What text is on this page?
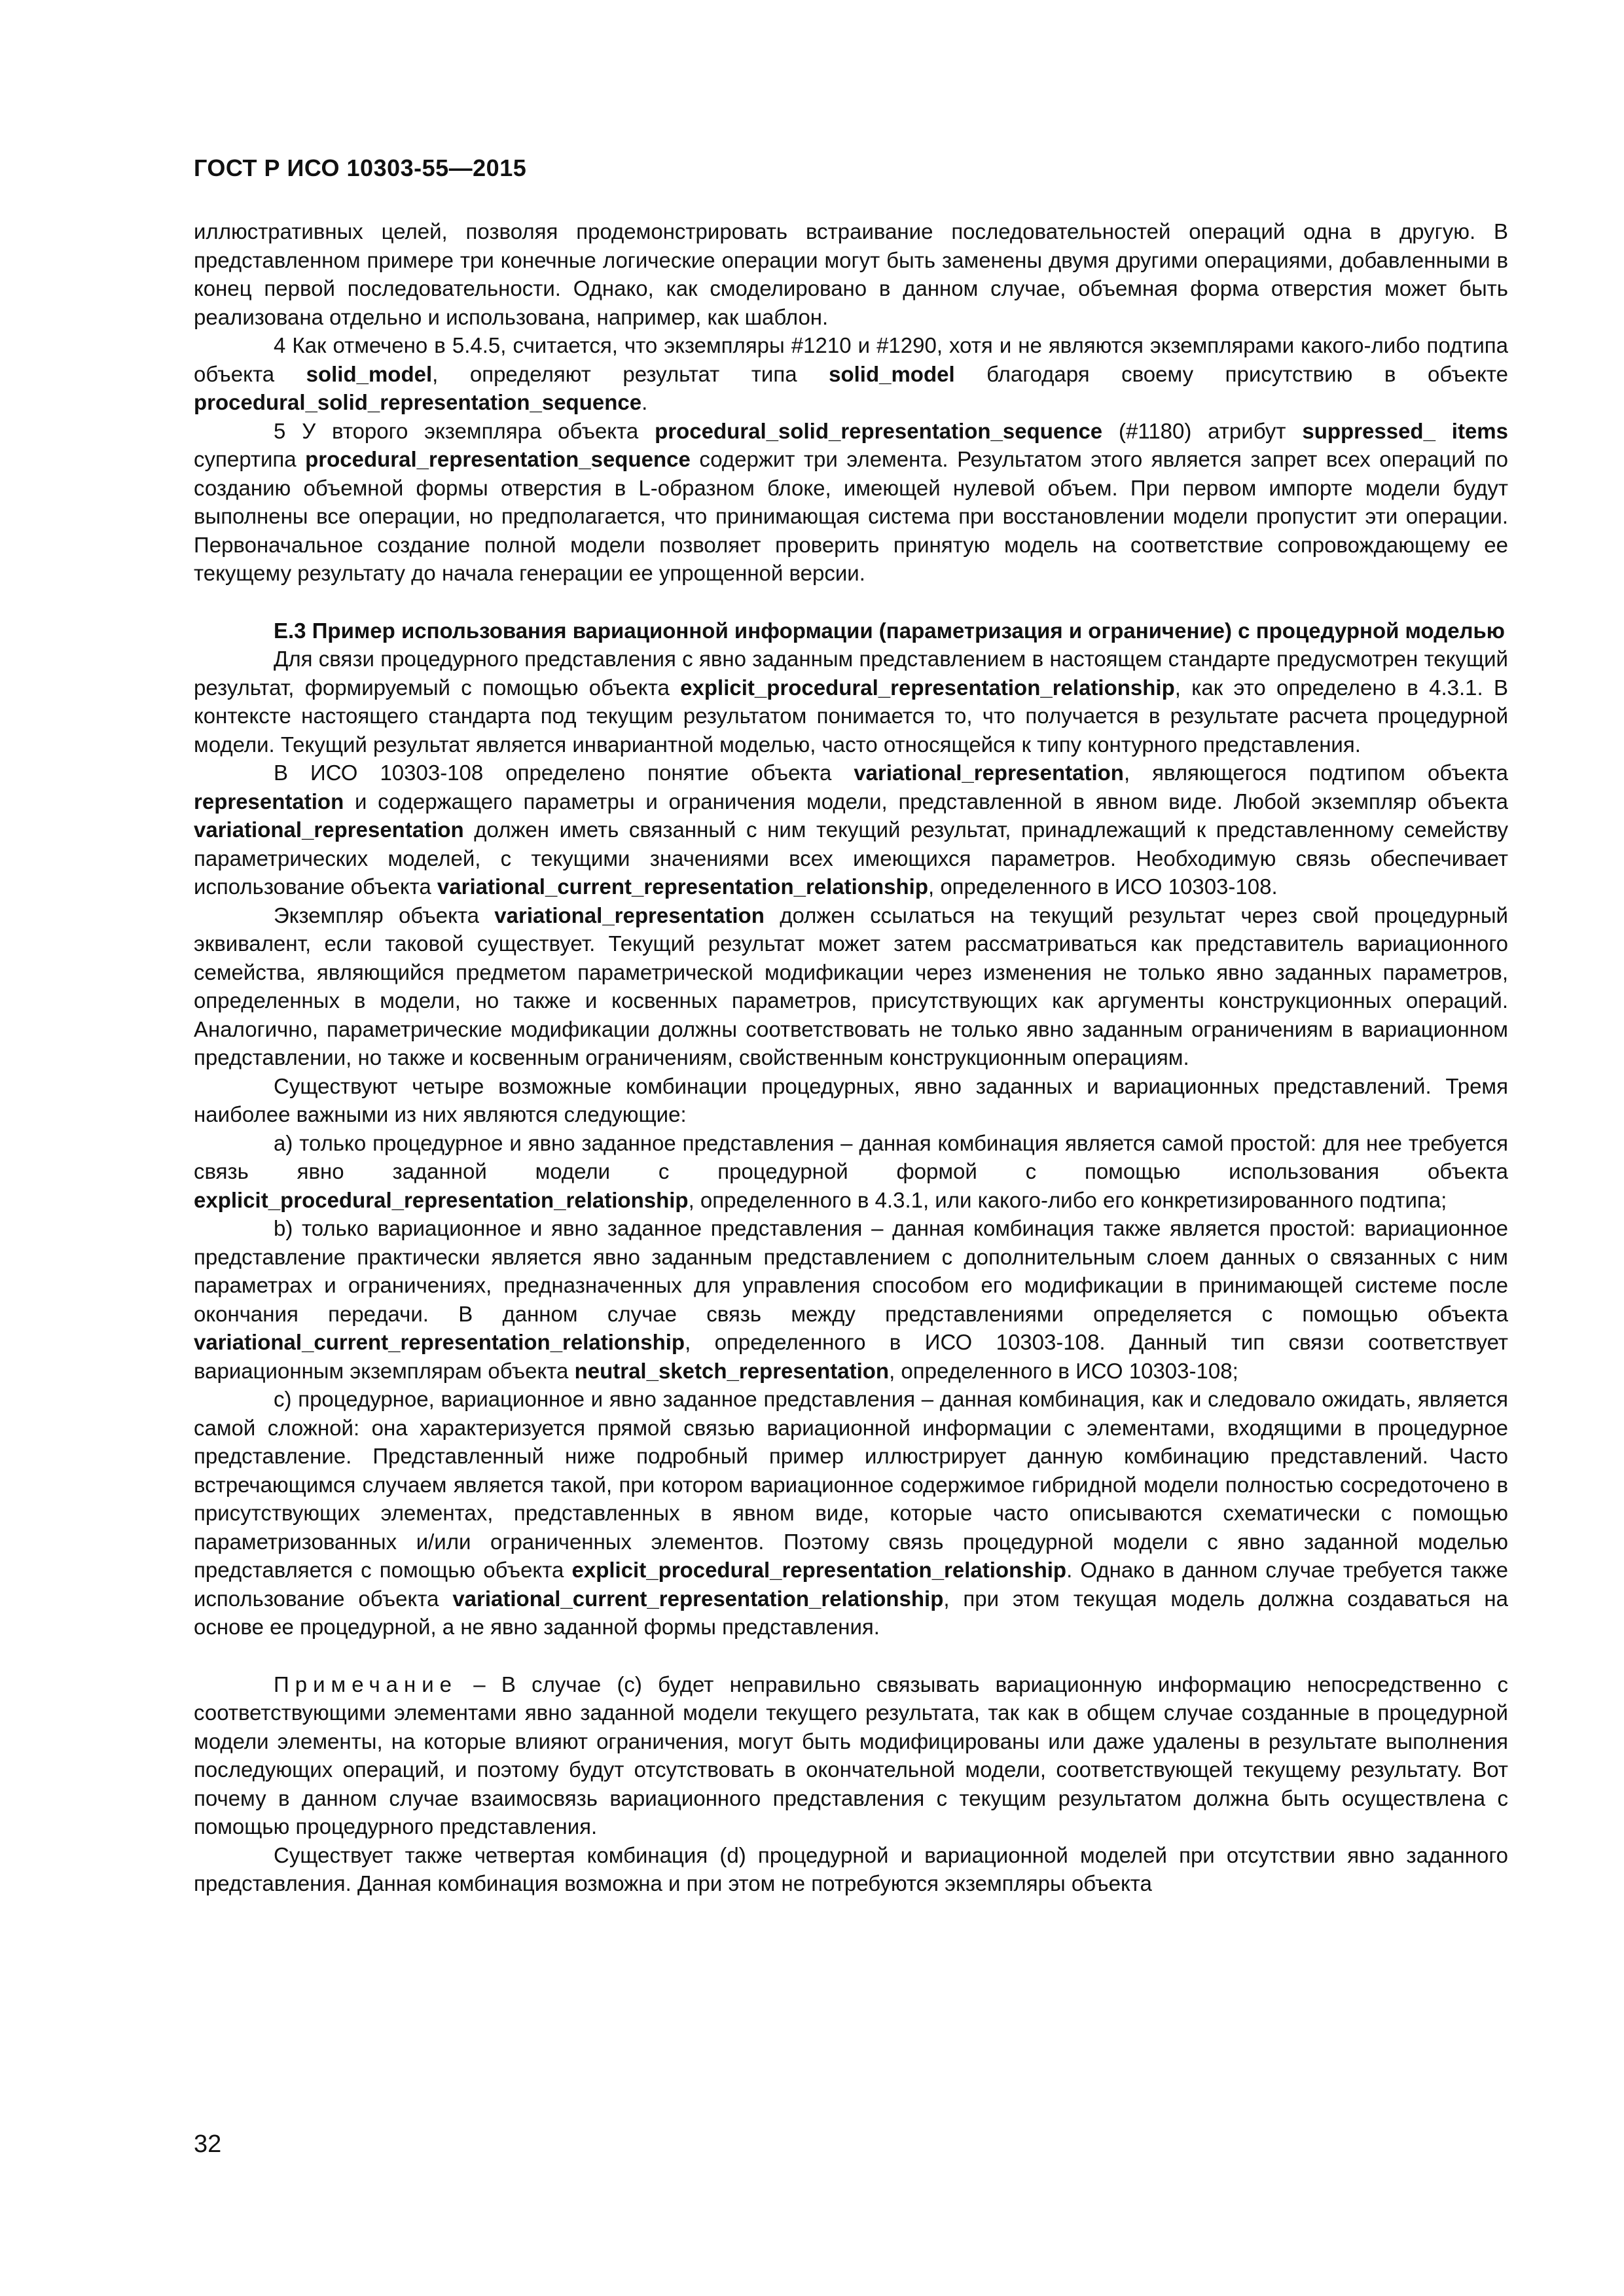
ГОСТ Р ИСО 10303-55—2015

иллюстративных целей, позволяя продемонстрировать встраивание последовательностей операций одна в другую. В представленном примере три конечные логические операции могут быть заменены двумя другими операциями, добавленными в конец первой последовательности. Однако, как смоделировано в данном случае, объемная форма отверстия может быть реализована отдельно и использована, например, как шаблон.

4 Как отмечено в 5.4.5, считается, что экземпляры #1210 и #1290, хотя и не являются экземплярами какого-либо подтипа объекта solid_model, определяют результат типа solid_model благодаря своему присутствию в объекте procedural_solid_representation_sequence.

5 У второго экземпляра объекта procedural_solid_representation_sequence (#1180) атрибут suppressed_ items супертипа procedural_representation_sequence содержит три элемента. Результатом этого является запрет всех операций по созданию объемной формы отверстия в L-образном блоке, имеющей нулевой объем. При первом импорте модели будут выполнены все операции, но предполагается, что принимающая система при восстановлении модели пропустит эти операции. Первоначальное создание полной модели позволяет проверить принятую модель на соответствие сопровождающему ее текущему результату до начала генерации ее упрощенной версии.

Е.3 Пример использования вариационной информации (параметризация и ограничение) с процедурной моделью

Для связи процедурного представления с явно заданным представлением в настоящем стандарте предусмотрен текущий результат, формируемый с помощью объекта explicit_procedural_representation_relationship, как это определено в 4.3.1. В контексте настоящего стандарта под текущим результатом понимается то, что получается в результате расчета процедурной модели. Текущий результат является инвариантной моделью, часто относящейся к типу контурного представления.

В ИСО 10303-108 определено понятие объекта variational_representation, являющегося подтипом объекта representation и содержащего параметры и ограничения модели, представленной в явном виде. Любой экземпляр объекта variational_representation должен иметь связанный с ним текущий результат, принадлежащий к представленному семейству параметрических моделей, с текущими значениями всех имеющихся параметров. Необходимую связь обеспечивает использование объекта variational_current_representation_relationship, определенного в ИСО 10303-108.

Экземпляр объекта variational_representation должен ссылаться на текущий результат через свой процедурный эквивалент, если таковой существует. Текущий результат может затем рассматриваться как представитель вариационного семейства, являющийся предметом параметрической модификации через изменения не только явно заданных параметров, определенных в модели, но также и косвенных параметров, присутствующих как аргументы конструкционных операций. Аналогично, параметрические модификации должны соответствовать не только явно заданным ограничениям в вариационном представлении, но также и косвенным ограничениям, свойственным конструкционным операциям.

Существуют четыре возможные комбинации процедурных, явно заданных и вариационных представлений. Тремя наиболее важными из них являются следующие:

а) только процедурное и явно заданное представления – данная комбинация является самой простой: для нее требуется связь явно заданной модели с процедурной формой с помощью использования объекта explicit_procedural_representation_relationship, определенного в 4.3.1, или какого-либо его конкретизированного подтипа;

b) только вариационное и явно заданное представления – данная комбинация также является простой: вариационное представление практически является явно заданным представлением с дополнительным слоем данных о связанных с ним параметрах и ограничениях, предназначенных для управления способом его модификации в принимающей системе после окончания передачи. В данном случае связь между представлениями определяется с помощью объекта variational_current_representation_relationship, определенного в ИСО 10303-108. Данный тип связи соответствует вариационным экземплярам объекта neutral_sketch_representation, определенного в ИСО 10303-108;

с) процедурное, вариационное и явно заданное представления – данная комбинация, как и следовало ожидать, является самой сложной: она характеризуется прямой связью вариационной информации с элементами, входящими в процедурное представление. Представленный ниже подробный пример иллюстрирует данную комбинацию представлений. Часто встречающимся случаем является такой, при котором вариационное содержимое гибридной модели полностью сосредоточено в присутствующих элементах, представленных в явном виде, которые часто описываются схематически с помощью параметризованных и/или ограниченных элементов. Поэтому связь процедурной модели с явно заданной моделью представляется с помощью объекта explicit_procedural_representation_relationship. Однако в данном случае требуется также использование объекта variational_current_representation_relationship, при этом текущая модель должна создаваться на основе ее процедурной, а не явно заданной формы представления.

Примечание – В случае (с) будет неправильно связывать вариационную информацию непосредственно с соответствующими элементами явно заданной модели текущего результата, так как в общем случае созданные в процедурной модели элементы, на которые влияют ограничения, могут быть модифицированы или даже удалены в результате выполнения последующих операций, и поэтому будут отсутствовать в окончательной модели, соответствующей текущему результату. Вот почему в данном случае взаимосвязь вариационного представления с текущим результатом должна быть осуществлена с помощью процедурного представления.

Существует также четвертая комбинация (d) процедурной и вариационной моделей при отсутствии явно заданного представления. Данная комбинация возможна и при этом не потребуются экземпляры объекта

32
